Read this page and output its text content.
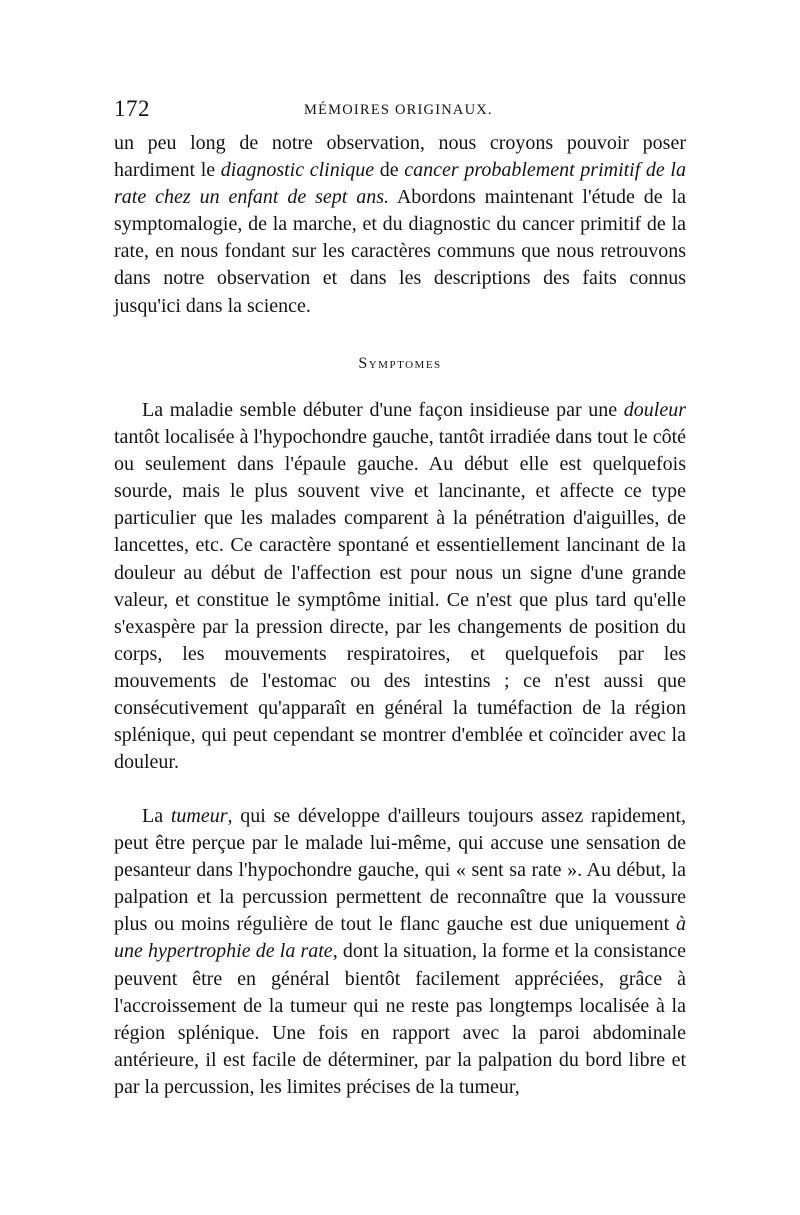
172	MÉMOIRES ORIGINAUX.

un peu long de notre observation, nous croyons pouvoir poser hardiment le diagnostic clinique de cancer probablement primitif de la rate chez un enfant de sept ans. Abordons maintenant l'étude de la symptomalogie, de la marche, et du diagnostic du cancer primitif de la rate, en nous fondant sur les caractères communs que nous retrouvons dans notre observation et dans les descriptions des faits connus jusqu'ici dans la science.

Symptomes

La maladie semble débuter d'une façon insidieuse par une douleur tantôt localisée à l'hypochondre gauche, tantôt irradiée dans tout le côté ou seulement dans l'épaule gauche. Au début elle est quelquefois sourde, mais le plus souvent vive et lancinante, et affecte ce type particulier que les malades comparent à la pénétration d'aiguilles, de lancettes, etc. Ce caractère spontané et essentiellement lancinant de la douleur au début de l'affection est pour nous un signe d'une grande valeur, et constitue le symptôme initial. Ce n'est que plus tard qu'elle s'exaspère par la pression directe, par les changements de position du corps, les mouvements respiratoires, et quelquefois par les mouvements de l'estomac ou des intestins ; ce n'est aussi que consécutivement qu'apparaît en général la tuméfaction de la région splénique, qui peut cependant se montrer d'emblée et coïncider avec la douleur.

La tumeur, qui se développe d'ailleurs toujours assez rapidement, peut être perçue par le malade lui-même, qui accuse une sensation de pesanteur dans l'hypochondre gauche, qui « sent sa rate ». Au début, la palpation et la percussion permettent de reconnaître que la voussure plus ou moins régulière de tout le flanc gauche est due uniquement à une hypertrophie de la rate, dont la situation, la forme et la consistance peuvent être en général bientôt facilement appréciées, grâce à l'accroissement de la tumeur qui ne reste pas longtemps localisée à la région splénique. Une fois en rapport avec la paroi abdominale antérieure, il est facile de déterminer, par la palpation du bord libre et par la percussion, les limites précises de la tumeur,
